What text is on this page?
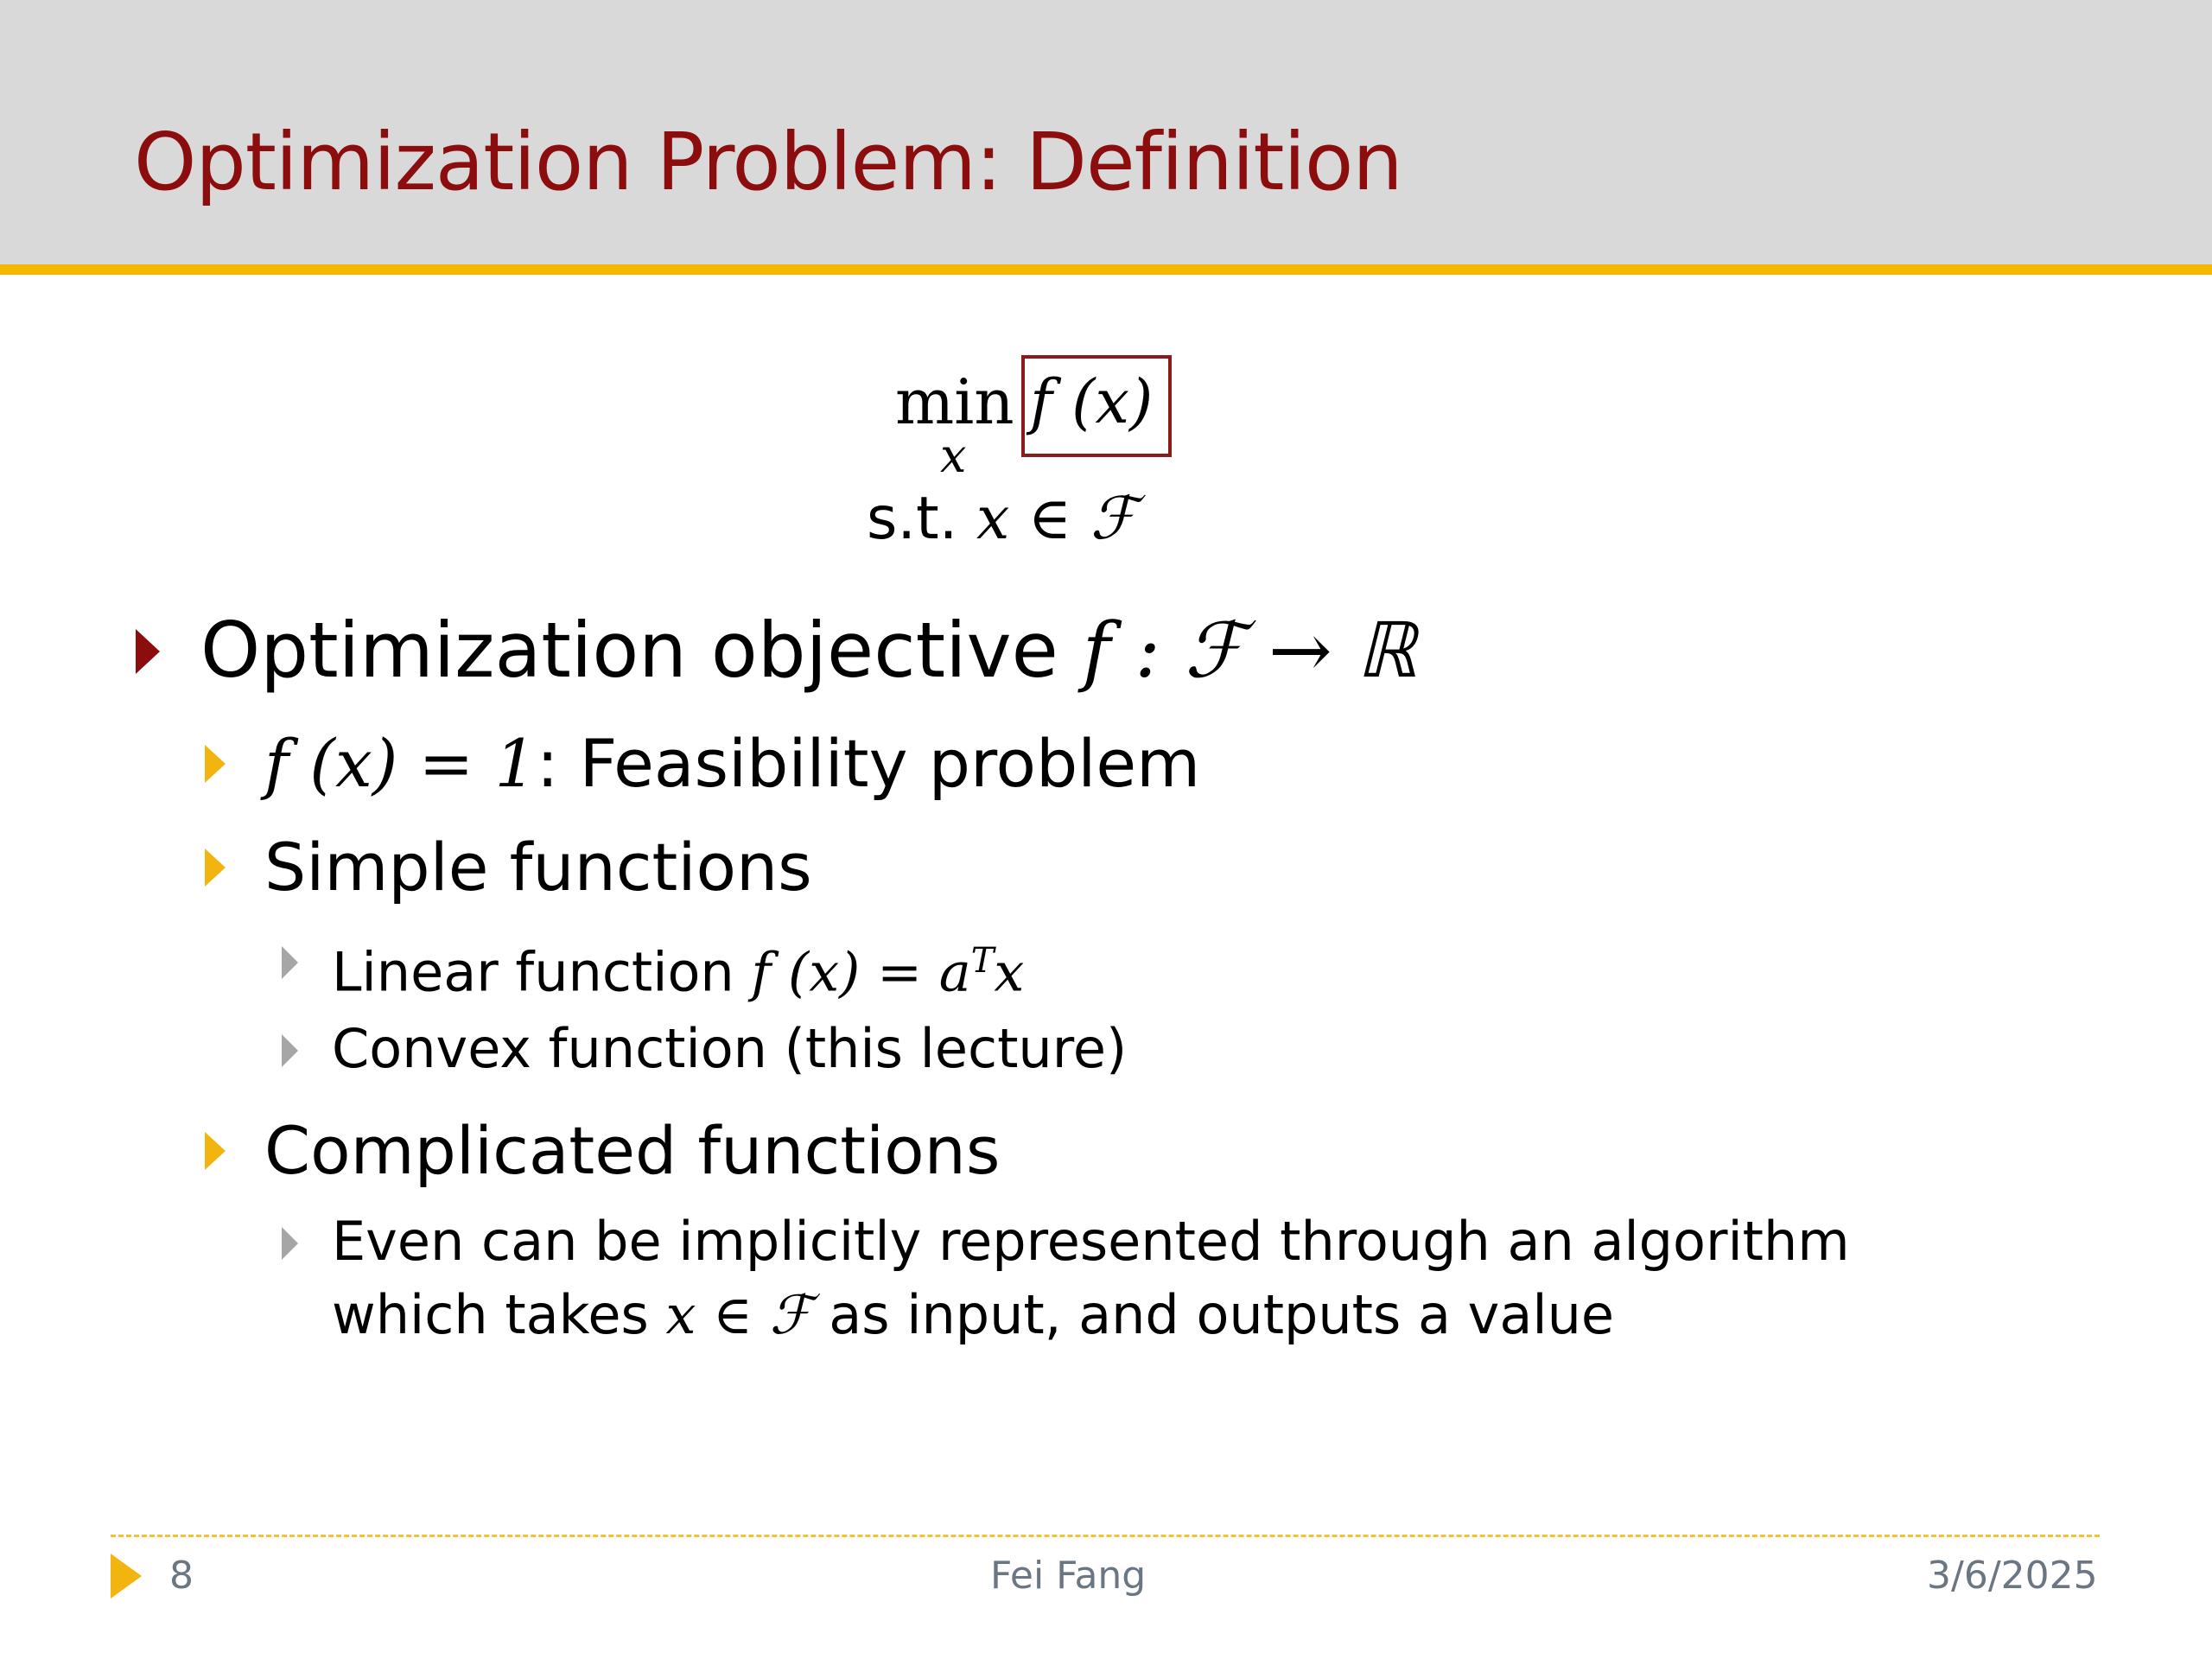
Optimization Problem: Definition
min
x
f (x)
s.t. x ∈ ℱ
Optimization objective f : ℱ → ℝ
f (x) = 1: Feasibility problem
Simple functions
Linear function f $(x) = a^Tx$
Convex function (this lecture)
Complicated functions
Even can be implicitly represented through an algorithm
which takes x ∈ ℱ as input, and outputs a value
8	Fei Fang	3/6/2025
